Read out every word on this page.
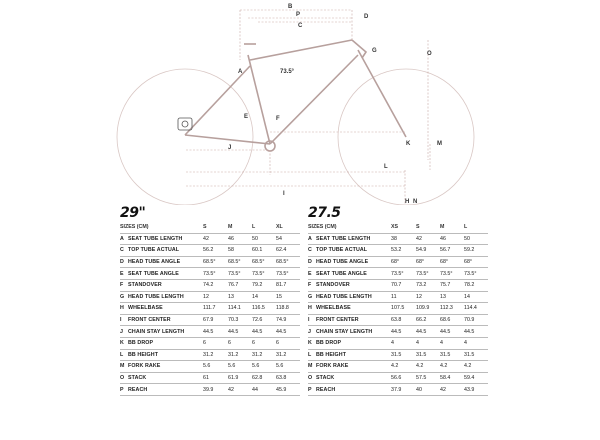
B
P
C
D
A	73.5°
G	O
E	F
J
K	M
L
I
H N
29"
SIZES (CM)		S	M	L	XL
A	SEAT TUBE LENGTH	42	46	50	54
C	TOP TUBE ACTUAL	56.2	58	60.1	62.4
D	HEAD TUBE ANGLE	68.5°	68.5°	68.5°	68.5°
E	SEAT TUBE ANGLE	73.5°	73.5°	73.5°	73.5°
F	STANDOVER	74.2	76.7	79.2	81.7
G	HEAD TUBE LENGTH	12	13	14	15
H	WHEELBASE	111.7	114.1	116.5	118.8
I	FRONT CENTER	67.9	70.3	72.6	74.9
J	CHAIN STAY LENGTH	44.5	44.5	44.5	44.5
K	BB DROP	6	6	6	6
L	BB HEIGHT	31.2	31.2	31.2	31.2
M	FORK RAKE	5.6	5.6	5.6	5.6
O	STACK	61	61.9	62.8	63.8
P	REACH	39.9	42	44	45.9
27.5
SIZES (CM)		XS	S	M	L
A	SEAT TUBE LENGTH	38	42	46	50
C	TOP TUBE ACTUAL	53.2	54.9	56.7	59.2
D	HEAD TUBE ANGLE	68°	68°	68°	68°
E	SEAT TUBE ANGLE	73.5°	73.5°	73.5°	73.5°
F	STANDOVER	70.7	73.2	75.7	78.2
G	HEAD TUBE LENGTH	11	12	13	14
H	WHEELBASE	107.5	109.9	112.3	114.4
I	FRONT CENTER	63.8	66.2	68.6	70.9
J	CHAIN STAY LENGTH	44.5	44.5	44.5	44.5
K	BB DROP	4	4	4	4
L	BB HEIGHT	31.5	31.5	31.5	31.5
M	FORK RAKE	4.2	4.2	4.2	4.2
O	STACK	56.6	57.5	58.4	59.4
P	REACH	37.9	40	42	43.9
